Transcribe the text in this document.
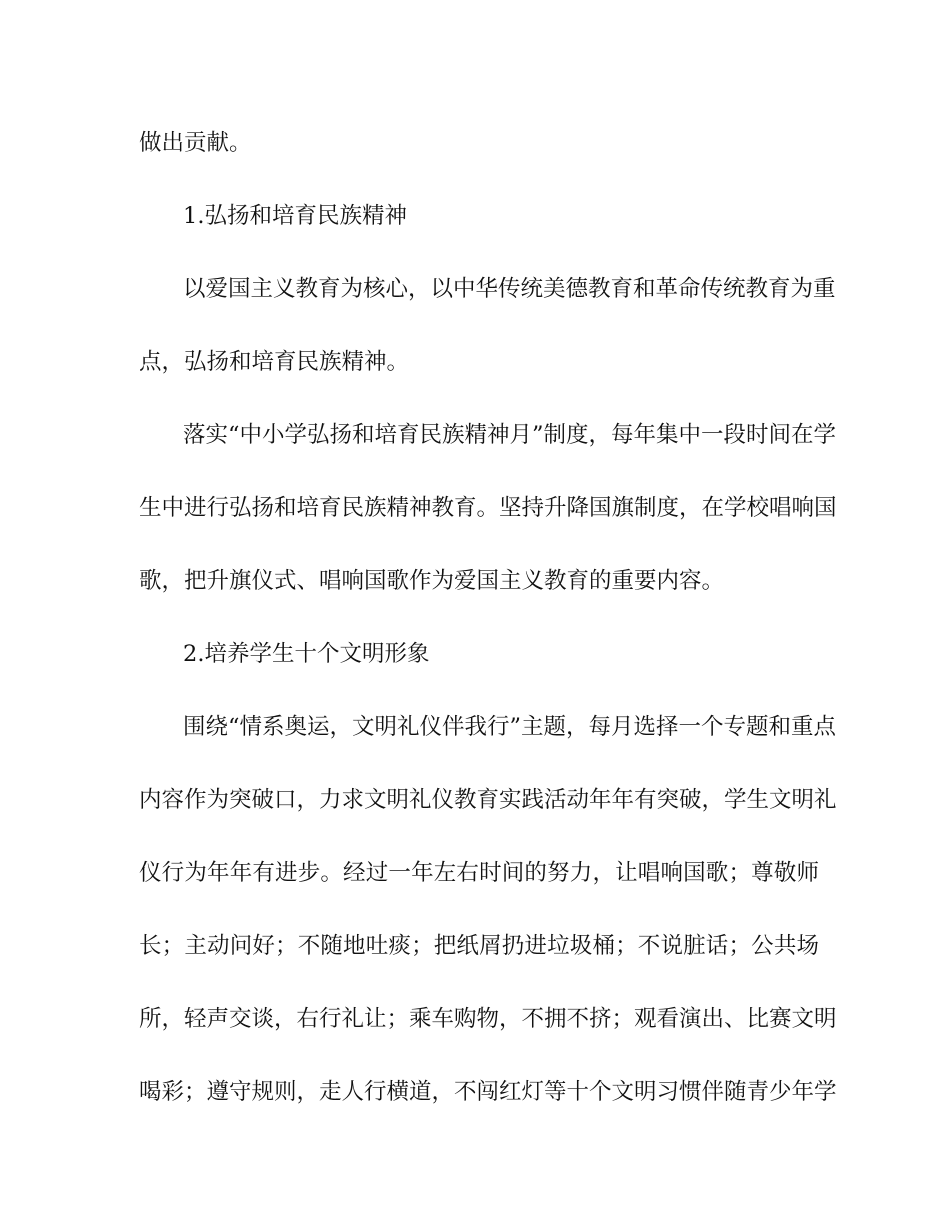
做出贡献。
1.弘扬和培育民族精神
以爱国主义教育为核心，以中华传统美德教育和革命传统教育为重
点，弘扬和培育民族精神。
落实“中小学弘扬和培育民族精神月”制度，每年集中一段时间在学
生中进行弘扬和培育民族精神教育。坚持升降国旗制度，在学校唱响国
歌，把升旗仪式、唱响国歌作为爱国主义教育的重要内容。
2.培养学生十个文明形象
围绕“情系奥运，文明礼仪伴我行”主题，每月选择一个专题和重点
内容作为突破口，力求文明礼仪教育实践活动年年有突破，学生文明礼
仪行为年年有进步。经过一年左右时间的努力，让唱响国歌；尊敬师
长；主动问好；不随地吐痰；把纸屑扔进垃圾桶；不说脏话；公共场
所，轻声交谈，右行礼让；乘车购物，不拥不挤；观看演出、比赛文明
喝彩；遵守规则，走人行横道，不闯红灯等十个文明习惯伴随青少年学
